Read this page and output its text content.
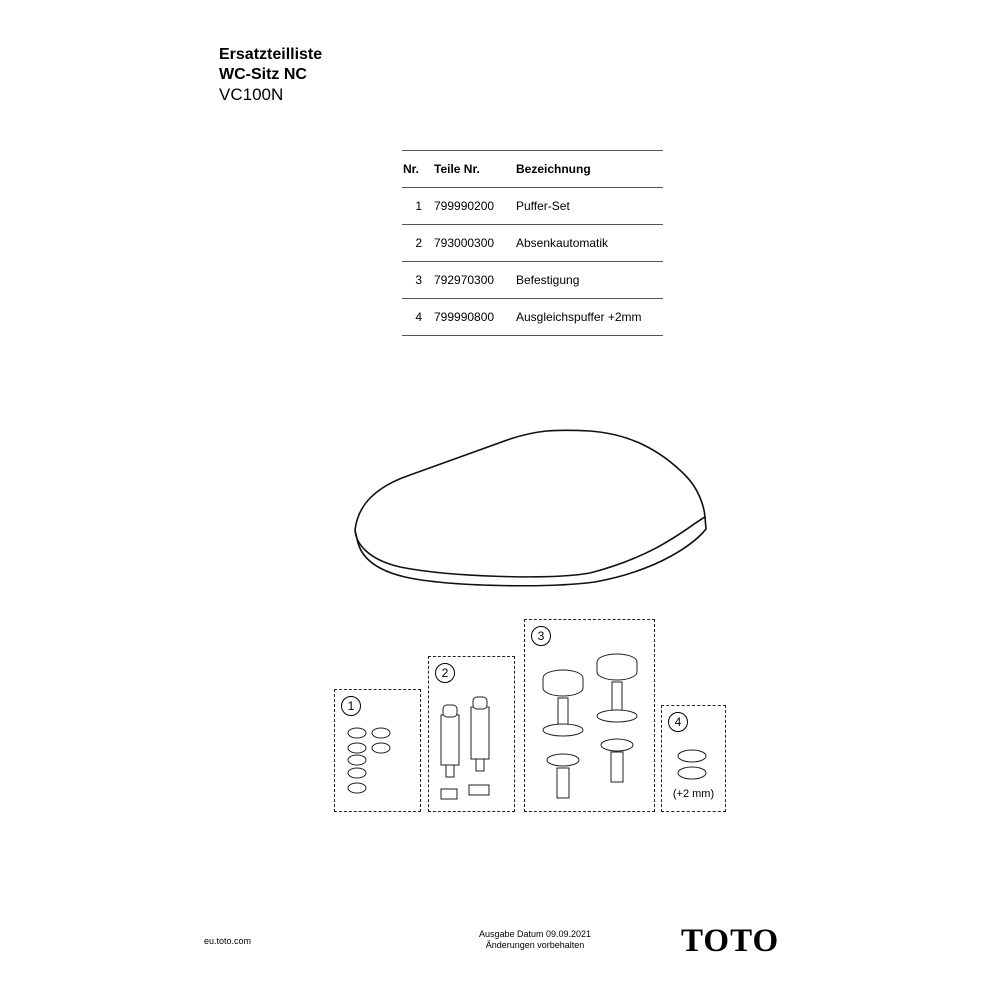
Ersatzteilliste
WC-Sitz NC
VC100N
Nr.	Teile Nr.	Bezeichnung
1	799990200	Puffer-Set
2	793000300	Absenkautomatik
3	792970300	Befestigung
4	799990800	Ausgleichspuffer +2mm
1
2
3
4
(+2 mm)
eu.toto.com
Ausgabe Datum 09.09.2021
Änderungen vorbehalten	TOTO
